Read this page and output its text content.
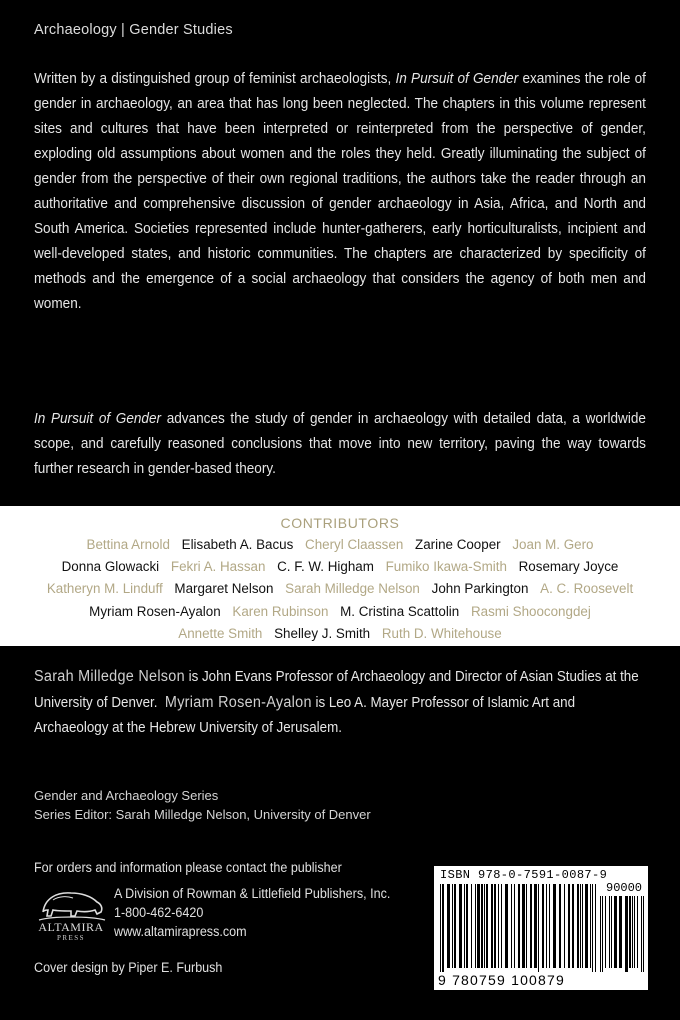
Archaeology | Gender Studies

Written by a distinguished group of feminist archaeologists, In Pursuit of Gender examines the role of gender in archaeology, an area that has long been neglected. The chapters in this volume represent sites and cultures that have been interpreted or reinterpreted from the perspective of gender, exploding old assumptions about women and the roles they held. Greatly illuminating the subject of gender from the perspective of their own regional traditions, the authors take the reader through an authoritative and comprehensive discussion of gender archaeology in Asia, Africa, and North and South America. Societies represented include hunter-gatherers, early horticulturalists, incipient and well-developed states, and historic communities. The chapters are characterized by specificity of methods and the emergence of a social archaeology that considers the agency of both men and women.

In Pursuit of Gender advances the study of gender in archaeology with detailed data, a worldwide scope, and carefully reasoned conclusions that move into new territory, paving the way towards further research in gender-based theory.

CONTRIBUTORS
Bettina Arnold Elisabeth A. Bacus Cheryl Claassen Zarine Cooper Joan M. Gero
Donna Glowacki Fekri A. Hassan C. F. W. Higham Fumiko Ikawa-Smith Rosemary Joyce
Katheryn M. Linduff Margaret Nelson Sarah Milledge Nelson John Parkington A. C. Roosevelt
Myriam Rosen-Ayalon Karen Rubinson M. Cristina Scattolin Rasmi Shoocongdej
Annette Smith Shelley J. Smith Ruth D. Whitehouse

Sarah Milledge Nelson is John Evans Professor of Archaeology and Director of Asian Studies at the University of Denver. Myriam Rosen-Ayalon is Leo A. Mayer Professor of Islamic Art and Archaeology at the Hebrew University of Jerusalem.

Gender and Archaeology Series
Series Editor: Sarah Milledge Nelson, University of Denver
For orders and information please contact the publisher
ALTAMIRA
PRESS
A Division of Rowman & Littlefield Publishers, Inc.
1-800-462-6420
www.altamirapress.com
Cover design by Piper E. Furbush
ISBN 978-0-7591-0087-9
90000
9 780759 100879
